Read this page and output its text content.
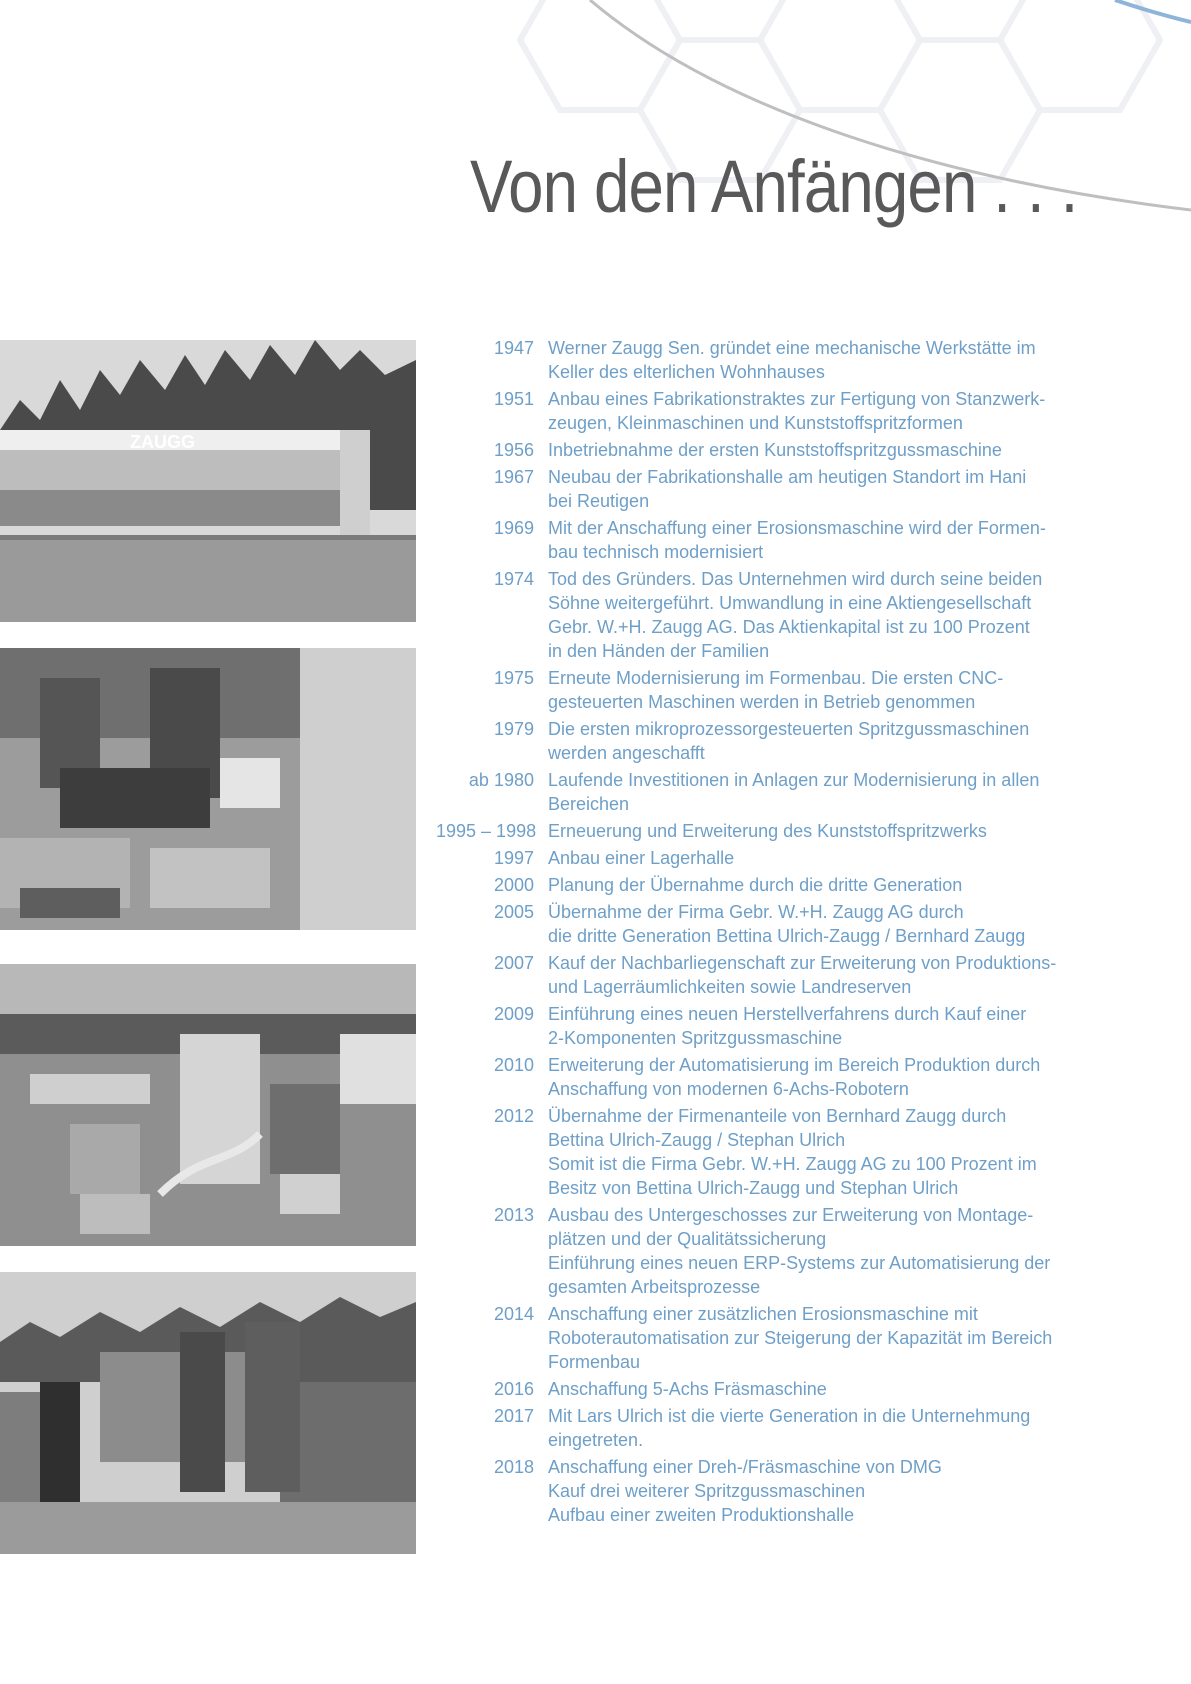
Von den Anfängen . . .
ZAUGG
1947 Werner Zaugg Sen. gründet eine mechanische Werkstätte im
Keller des elterlichen Wohnhauses
1951 Anbau eines Fabrikationstraktes zur Fertigung von Stanzwerk-
zeugen, Kleinmaschinen und Kunststoffspritzformen
1956 Inbetriebnahme der ersten Kunststoffspritzgussmaschine
1967 Neubau der Fabrikationshalle am heutigen Standort im Hani
bei Reutigen
1969 Mit der Anschaffung einer Erosionsmaschine wird der Formen-
bau technisch modernisiert
1974 Tod des Gründers. Das Unternehmen wird durch seine beiden
Söhne weitergeführt. Umwandlung in eine Aktiengesellschaft
Gebr. W.+H. Zaugg AG. Das Aktienkapital ist zu 100 Prozent
in den Händen der Familien
1975 Erneute Modernisierung im Formenbau. Die ersten CNC-
gesteuerten Maschinen werden in Betrieb genommen
1979 Die ersten mikroprozessorgesteuerten Spritzgussmaschinen
werden angeschafft
ab 1980 Laufende Investitionen in Anlagen zur Modernisierung in allen
Bereichen
1995 – 1998 Erneuerung und Erweiterung des Kunststoffspritzwerks
1997 Anbau einer Lagerhalle
2000 Planung der Übernahme durch die dritte Generation
2005 Übernahme der Firma Gebr. W.+H. Zaugg AG durch
die dritte Generation Bettina Ulrich-Zaugg / Bernhard Zaugg
2007 Kauf der Nachbarliegenschaft zur Erweiterung von Produktions-
und Lagerräumlichkeiten sowie Landreserven
2009 Einführung eines neuen Herstellverfahrens durch Kauf einer
2-Komponenten Spritzgussmaschine
2010 Erweiterung der Automatisierung im Bereich Produktion durch
Anschaffung von modernen 6-Achs-Robotern
2012 Übernahme der Firmenanteile von Bernhard Zaugg durch
Bettina Ulrich-Zaugg / Stephan Ulrich
Somit ist die Firma Gebr. W.+H. Zaugg AG zu 100 Prozent im
Besitz von Bettina Ulrich-Zaugg und Stephan Ulrich
2013 Ausbau des Untergeschosses zur Erweiterung von Montage-
plätzen und der Qualitätssicherung
Einführung eines neuen ERP-Systems zur Automatisierung der
gesamten Arbeitsprozesse
2014 Anschaffung einer zusätzlichen Erosionsmaschine mit
Roboterautomatisation zur Steigerung der Kapazität im Bereich
Formenbau
2016 Anschaffung 5-Achs Fräsmaschine
2017 Mit Lars Ulrich ist die vierte Generation in die Unternehmung
eingetreten.
2018 Anschaffung einer Dreh-/Fräsmaschine von DMG
Kauf drei weiterer Spritzgussmaschinen
Aufbau einer zweiten Produktionshalle
